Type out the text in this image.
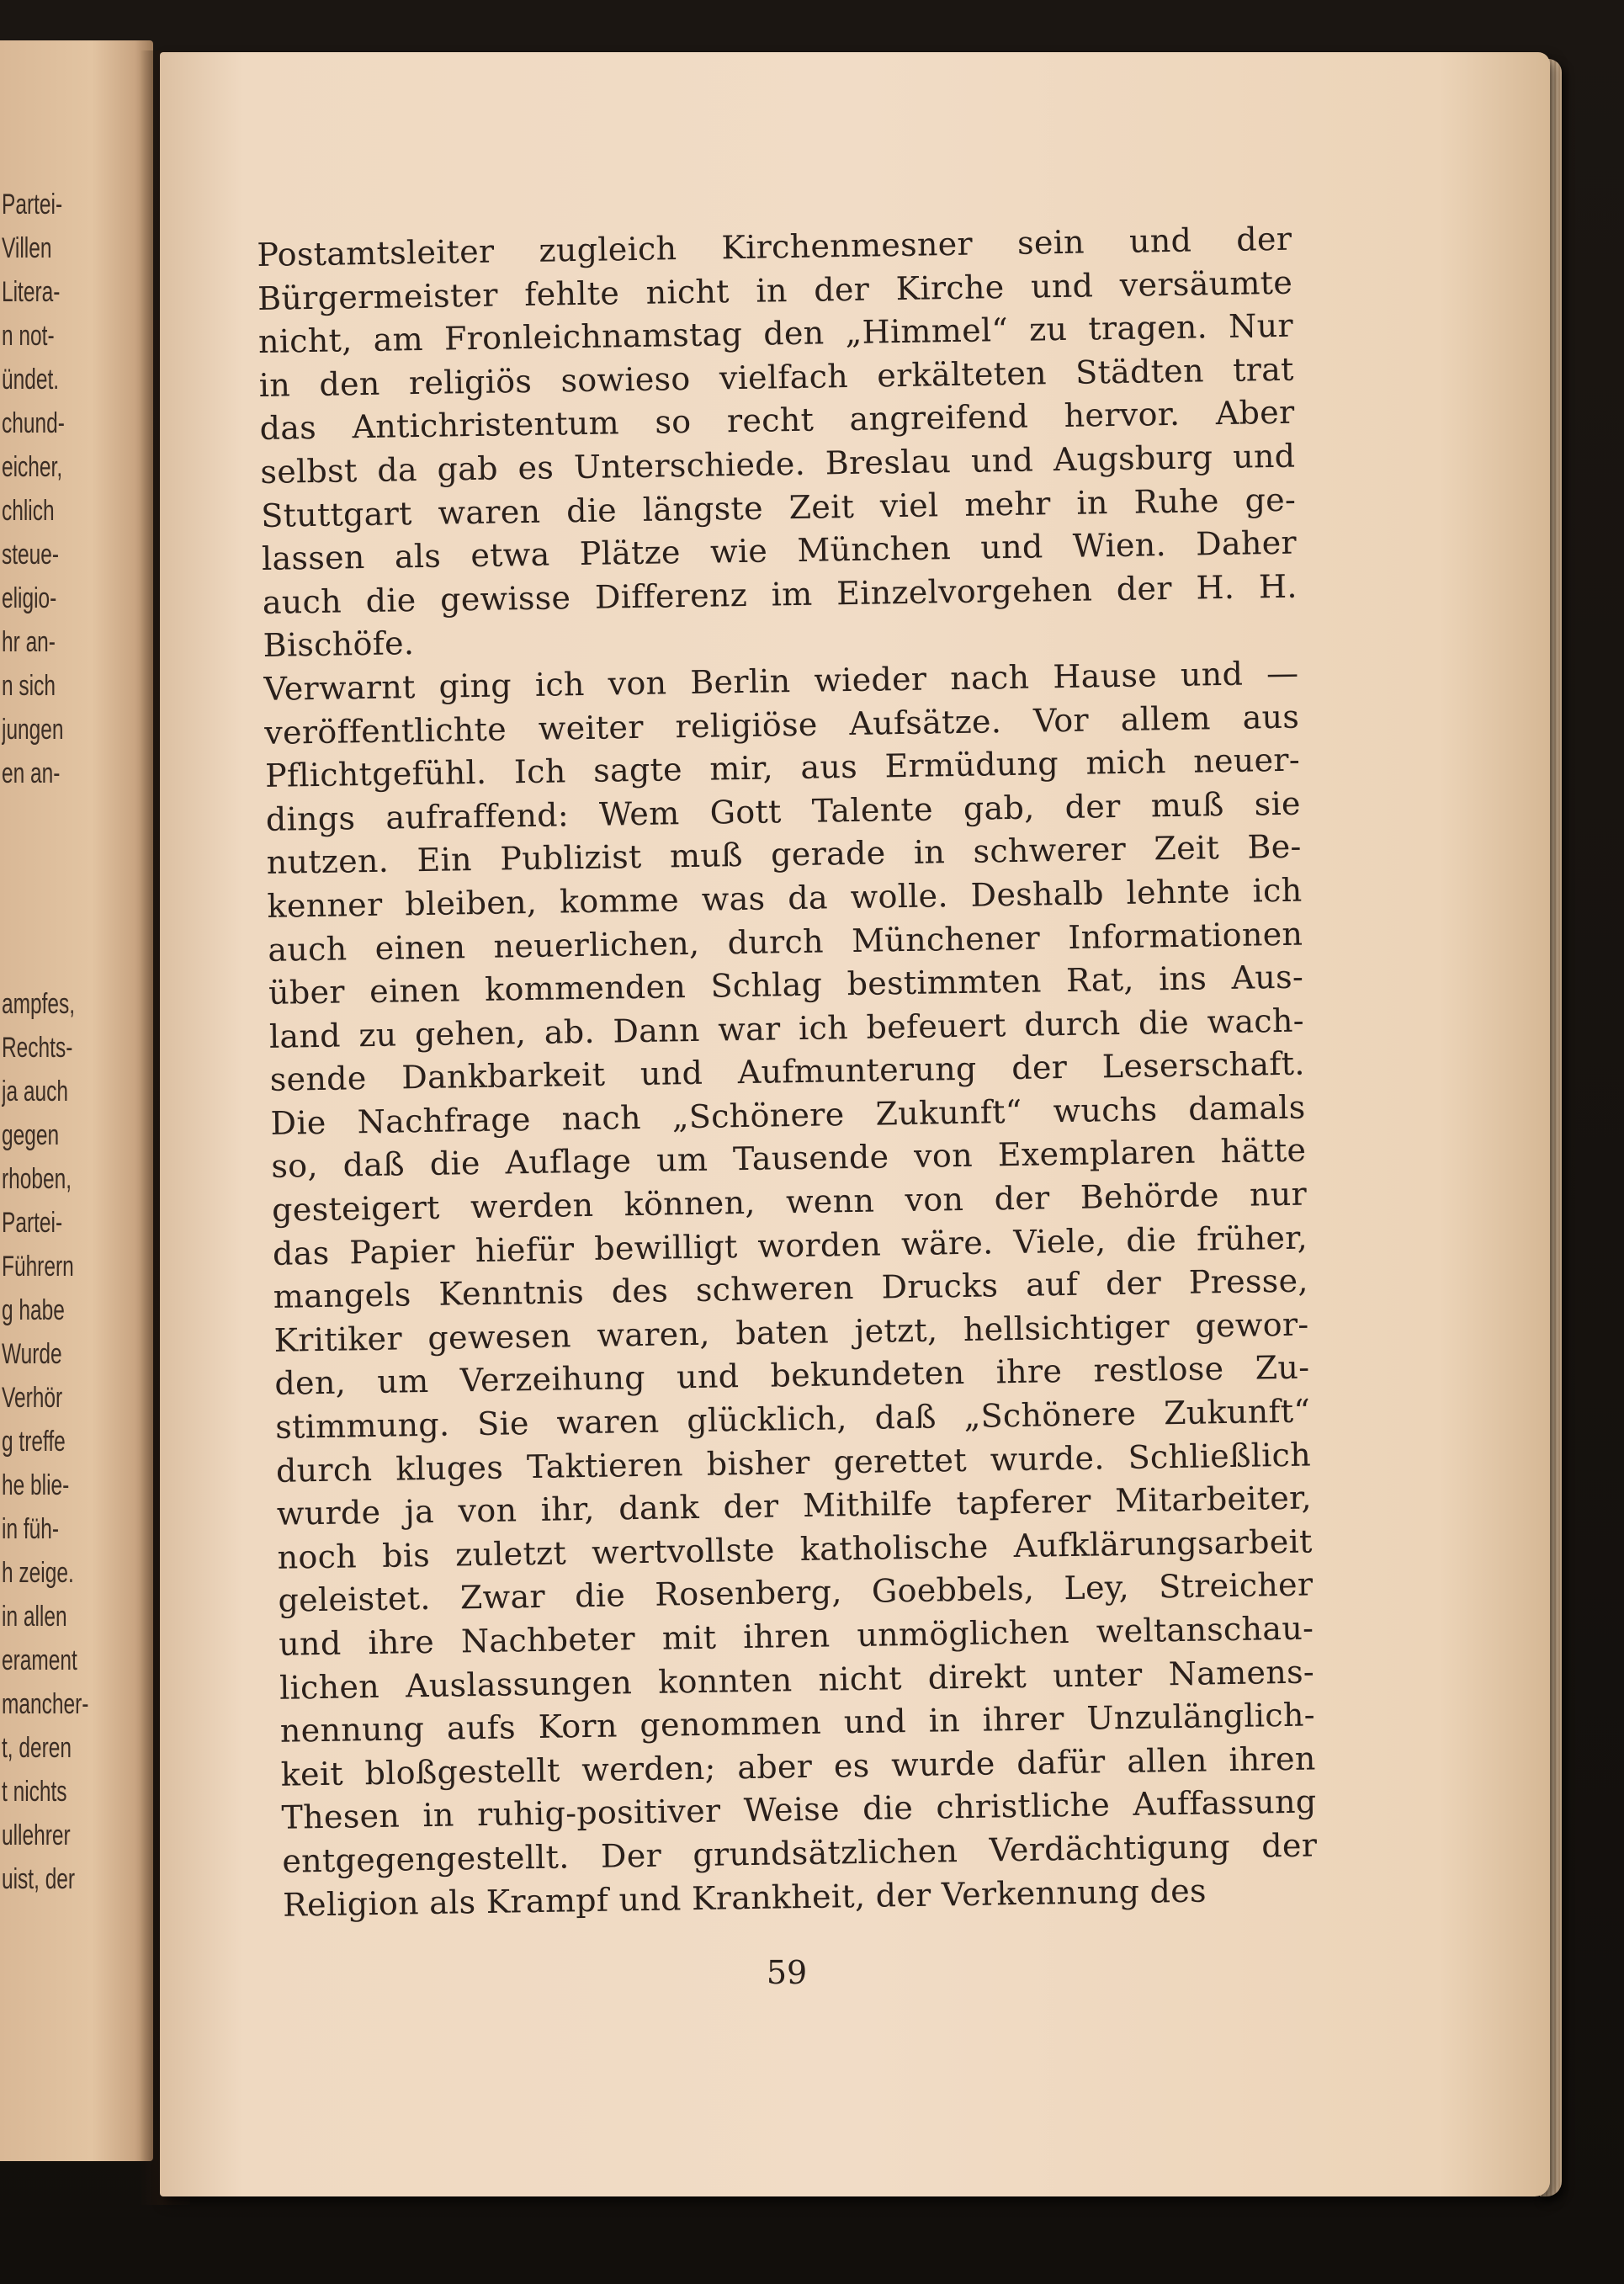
Partei-
Villen
Litera-
n not-
ündet.
chund-
eicher,
chlich
steue-
eligio-
hr an-
n sich
jungen
en an-
ampfes,
Rechts-
ja auch
gegen
rhoben,
Partei-
Führern
g habe
Wurde
Verhör
g treffe
he blie-
in füh-
h zeige.
in allen
erament
mancher-
t, deren
t nichts
ullehrer
uist, der
Postamtsleiter zugleich Kirchenmesner sein und der
Bürgermeister fehlte nicht in der Kirche und versäumte
nicht, am Fronleichnamstag den „Himmel“ zu tragen. Nur
in den religiös sowieso vielfach erkälteten Städten trat
das Antichristentum so recht angreifend hervor. Aber
selbst da gab es Unterschiede. Breslau und Augsburg und
Stuttgart waren die längste Zeit viel mehr in Ruhe ge-
lassen als etwa Plätze wie München und Wien. Daher
auch die gewisse Differenz im Einzelvorgehen der H. H.
Bischöfe.
Verwarnt ging ich von Berlin wieder nach Hause und —
veröffentlichte weiter religiöse Aufsätze. Vor allem aus
Pflichtgefühl. Ich sagte mir, aus Ermüdung mich neuer-
dings aufraffend: Wem Gott Talente gab, der muß sie
nutzen. Ein Publizist muß gerade in schwerer Zeit Be-
kenner bleiben, komme was da wolle. Deshalb lehnte ich
auch einen neuerlichen, durch Münchener Informationen
über einen kommenden Schlag bestimmten Rat, ins Aus-
land zu gehen, ab. Dann war ich befeuert durch die wach-
sende Dankbarkeit und Aufmunterung der Leserschaft.
Die Nachfrage nach „Schönere Zukunft“ wuchs damals
so, daß die Auflage um Tausende von Exemplaren hätte
gesteigert werden können, wenn von der Behörde nur
das Papier hiefür bewilligt worden wäre. Viele, die früher,
mangels Kenntnis des schweren Drucks auf der Presse,
Kritiker gewesen waren, baten jetzt, hellsichtiger gewor-
den, um Verzeihung und bekundeten ihre restlose Zu-
stimmung. Sie waren glücklich, daß „Schönere Zukunft“
durch kluges Taktieren bisher gerettet wurde. Schließlich
wurde ja von ihr, dank der Mithilfe tapferer Mitarbeiter,
noch bis zuletzt wertvollste katholische Aufklärungsarbeit
geleistet. Zwar die Rosenberg, Goebbels, Ley, Streicher
und ihre Nachbeter mit ihren unmöglichen weltanschau-
lichen Auslassungen konnten nicht direkt unter Namens-
nennung aufs Korn genommen und in ihrer Unzulänglich-
keit bloßgestellt werden; aber es wurde dafür allen ihren
Thesen in ruhig-positiver Weise die christliche Auffassung
entgegengestellt. Der grundsätzlichen Verdächtigung der
Religion als Krampf und Krankheit, der Verkennung des
59
